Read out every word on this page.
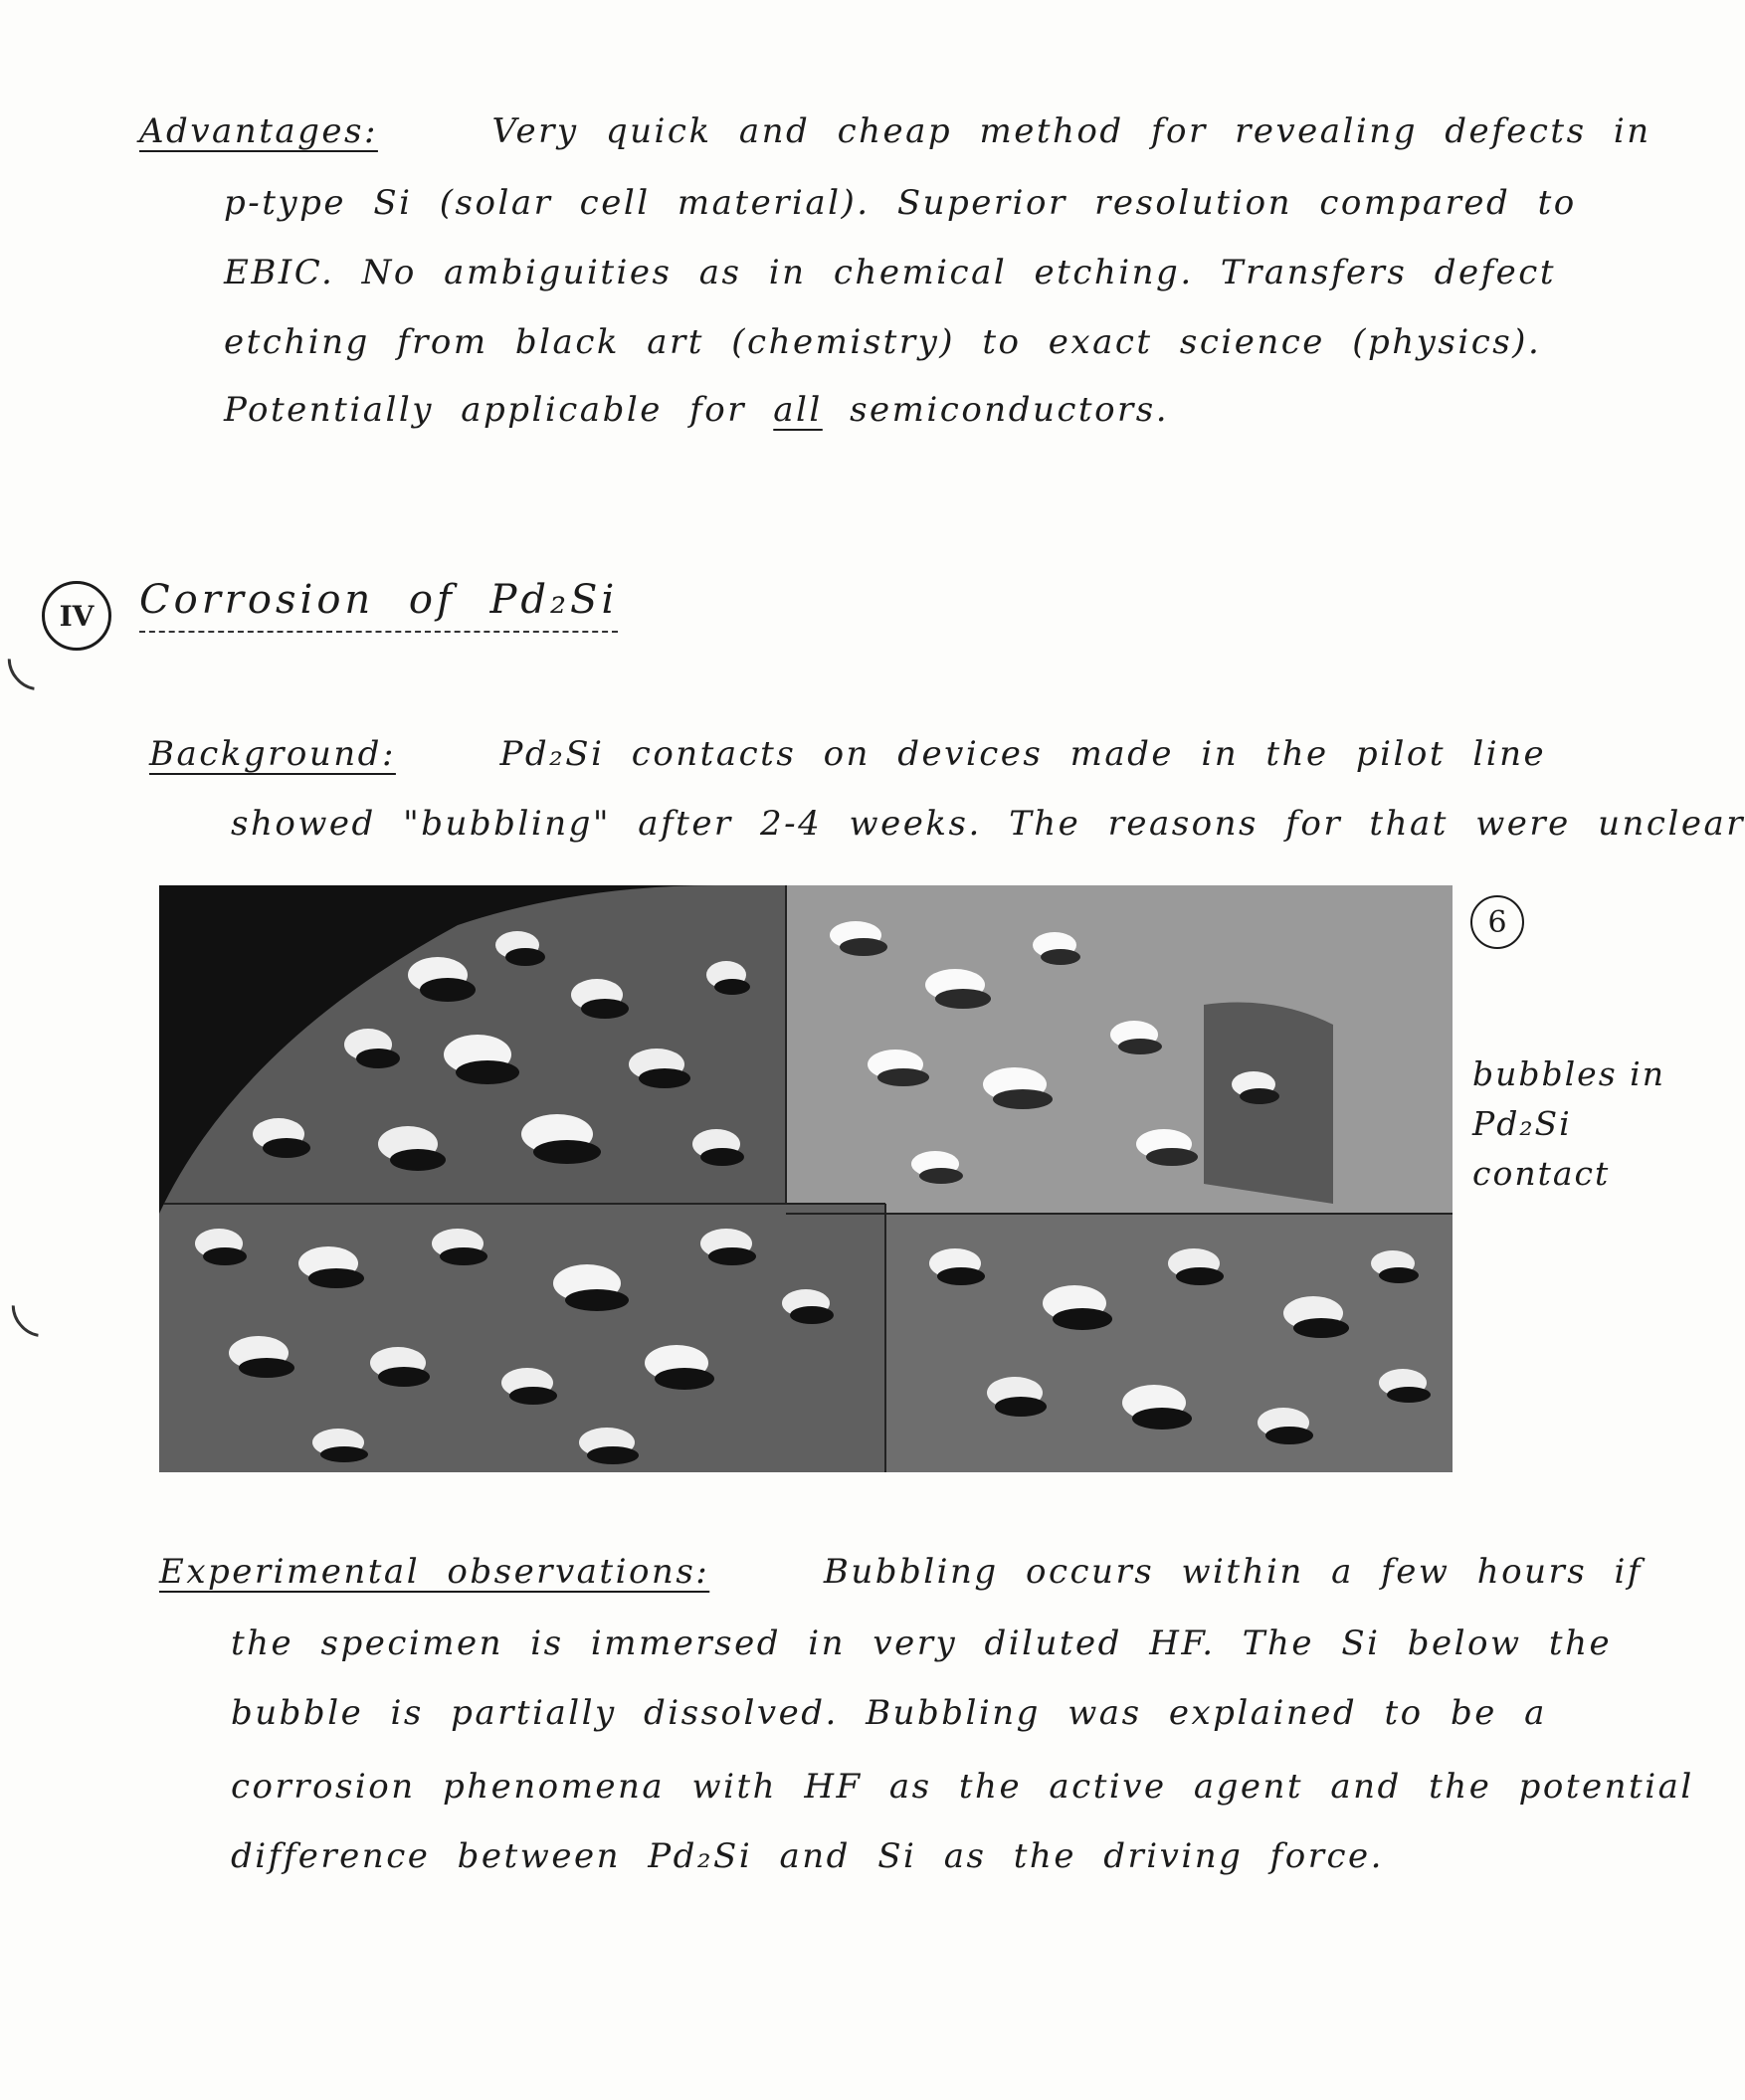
Advantages:	Very quick and cheap method for revealing defects in
p-type Si (solar cell material). Superior resolution compared to
EBIC. No ambiguities as in chemical etching. Transfers defect
etching from black art (chemistry) to exact science (physics).
Potentially applicable for all semiconductors.
IV	Corrosion of Pd₂Si
Background:	Pd₂Si contacts on devices made in the pilot line
showed "bubbling" after 2-4 weeks. The reasons for that were unclear
6
bubbles in
Pd₂Si
contact
Experimental observations:	Bubbling occurs within a few hours if
the specimen is immersed in very diluted HF. The Si below the
bubble is partially dissolved. Bubbling was explained to be a
corrosion phenomena with HF as the active agent and the potential
difference between Pd₂Si and Si as the driving force.
